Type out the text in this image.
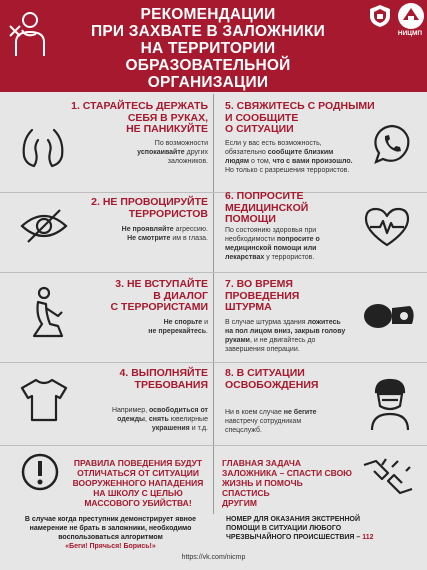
РЕКОМЕНДАЦИИ
ПРИ ЗАХВАТЕ В ЗАЛОЖНИКИ
НА ТЕРРИТОРИИ ОБРАЗОВАТЕЛЬНОЙ
ОРГАНИЗАЦИИ
НИЦМП
1. СТАРАЙТЕСЬ ДЕРЖАТЬ
СЕБЯ В РУКАХ,
НЕ ПАНИКУЙТЕ
По возможности
успокаивайте других
заложников.
5. СВЯЖИТЕСЬ С РОДНЫМИ
И СООБЩИТЕ
О СИТУАЦИИ
Если у вас есть возможность,
обязательно сообщите близким
людям о том, что с вами произошло.
Но только с разрешения террористов.
2. НЕ ПРОВОЦИРУЙТЕ
ТЕРРОРИСТОВ
Не проявляйте агрессию.
Не смотрите им в глаза.
6. ПОПРОСИТЕ
МЕДИЦИНСКОЙ
ПОМОЩИ
По состоянию здоровья при
необходимости попросите о
медицинской помощи или
лекарствах у террористов.
3. НЕ ВСТУПАЙТЕ
В ДИАЛОГ
С ТЕРРОРИСТАМИ
Не спорьте и
не пререкайтесь.
7. ВО ВРЕМЯ
ПРОВЕДЕНИЯ
ШТУРМА
В случае штурма здания ложитесь
на пол лицом вниз, закрыв голову
руками, и не двигайтесь до
завершения операции.
4. ВЫПОЛНЯЙТЕ
ТРЕБОВАНИЯ
Например, освободиться от
одежды, снять ювелирные
украшения и т.д.
8. В СИТУАЦИИ
ОСВОБОЖДЕНИЯ
Ни в коем случае не бегите
навстречу сотрудникам
спецслужб.
ПРАВИЛА ПОВЕДЕНИЯ БУДУТ
ОТЛИЧАТЬСЯ ОТ СИТУАЦИИ
ВООРУЖЕННОГО НАПАДЕНИЯ
НА ШКОЛУ С ЦЕЛЬЮ
МАССОВОГО УБИЙСТВА!
В случае когда преступник демонстрирует явное
намерение не брать в заложники, необходимо
воспользоваться алгоритмом
«Беги! Прячься! Борись!»
ГЛАВНАЯ ЗАДАЧА
ЗАЛОЖНИКА – СПАСТИ СВОЮ
ЖИЗНЬ И ПОМОЧЬ СПАСТИСЬ
ДРУГИМ
НОМЕР ДЛЯ ОКАЗАНИЯ ЭКСТРЕННОЙ
ПОМОЩИ В СИТУАЦИИ ЛЮБОГО
ЧРЕЗВЫЧАЙНОГО ПРОИСШЕСТВИЯ – 112
https://vk.com/nicmp
